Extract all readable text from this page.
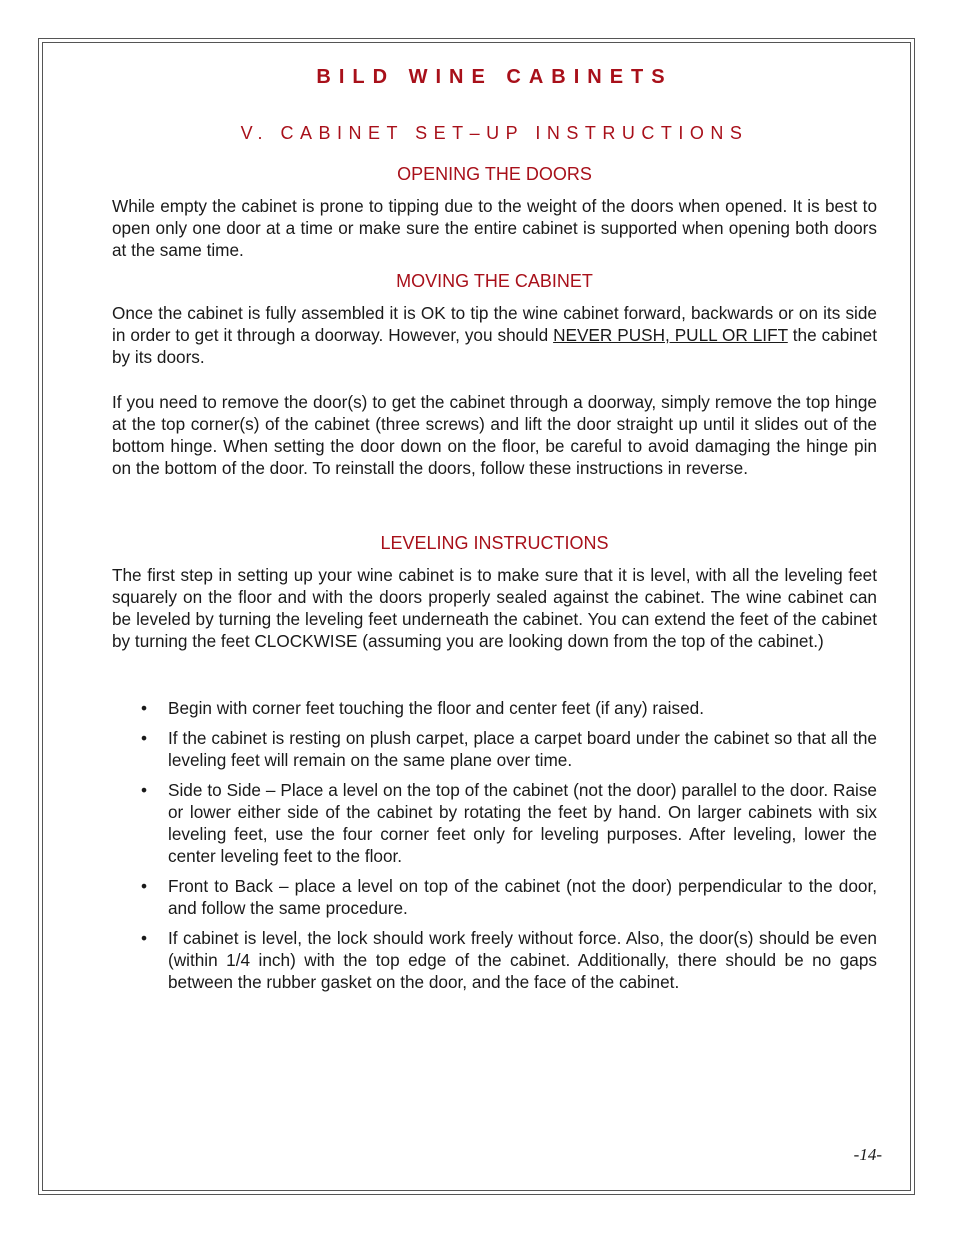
BILD WINE CABINETS
V. CABINET SET–UP INSTRUCTIONS
OPENING THE DOORS

While empty the cabinet is prone to tipping due to the weight of the doors when opened. It is best to open only one door at a time or make sure the entire cabinet is supported when opening both doors at the same time.

MOVING THE CABINET

Once the cabinet is fully assembled it is OK to tip the wine cabinet forward, backwards or on its side in order to get it through a doorway. However, you should NEVER PUSH, PULL OR LIFT the cabinet by its doors.

If you need to remove the door(s) to get the cabinet through a doorway, simply remove the top hinge at the top corner(s) of the cabinet (three screws) and lift the door straight up until it slides out of the bottom hinge. When setting the door down on the floor, be careful to avoid damaging the hinge pin on the bottom of the door. To reinstall the doors, follow these instructions in reverse.

LEVELING INSTRUCTIONS

The first step in setting up your wine cabinet is to make sure that it is level, with all the leveling feet squarely on the floor and with the doors properly sealed against the cabinet. The wine cabinet can be leveled by turning the leveling feet underneath the cabinet. You can extend the feet of the cabinet by turning the feet CLOCKWISE (assuming you are looking down from the top of the cabinet.)

• Begin with corner feet touching the floor and center feet (if any) raised.
• If the cabinet is resting on plush carpet, place a carpet board under the cabinet so that all the leveling feet will remain on the same plane over time.
• Side to Side – Place a level on the top of the cabinet (not the door) parallel to the door. Raise or lower either side of the cabinet by rotating the feet by hand. On larger cabinets with six leveling feet, use the four corner feet only for leveling purposes. After leveling, lower the center leveling feet to the floor.
• Front to Back – place a level on top of the cabinet (not the door) perpendicular to the door, and follow the same procedure.
• If cabinet is level, the lock should work freely without force. Also, the door(s) should be even (within 1/4 inch) with the top edge of the cabinet. Additionally, there should be no gaps between the rubber gasket on the door, and the face of the cabinet.
-14-
